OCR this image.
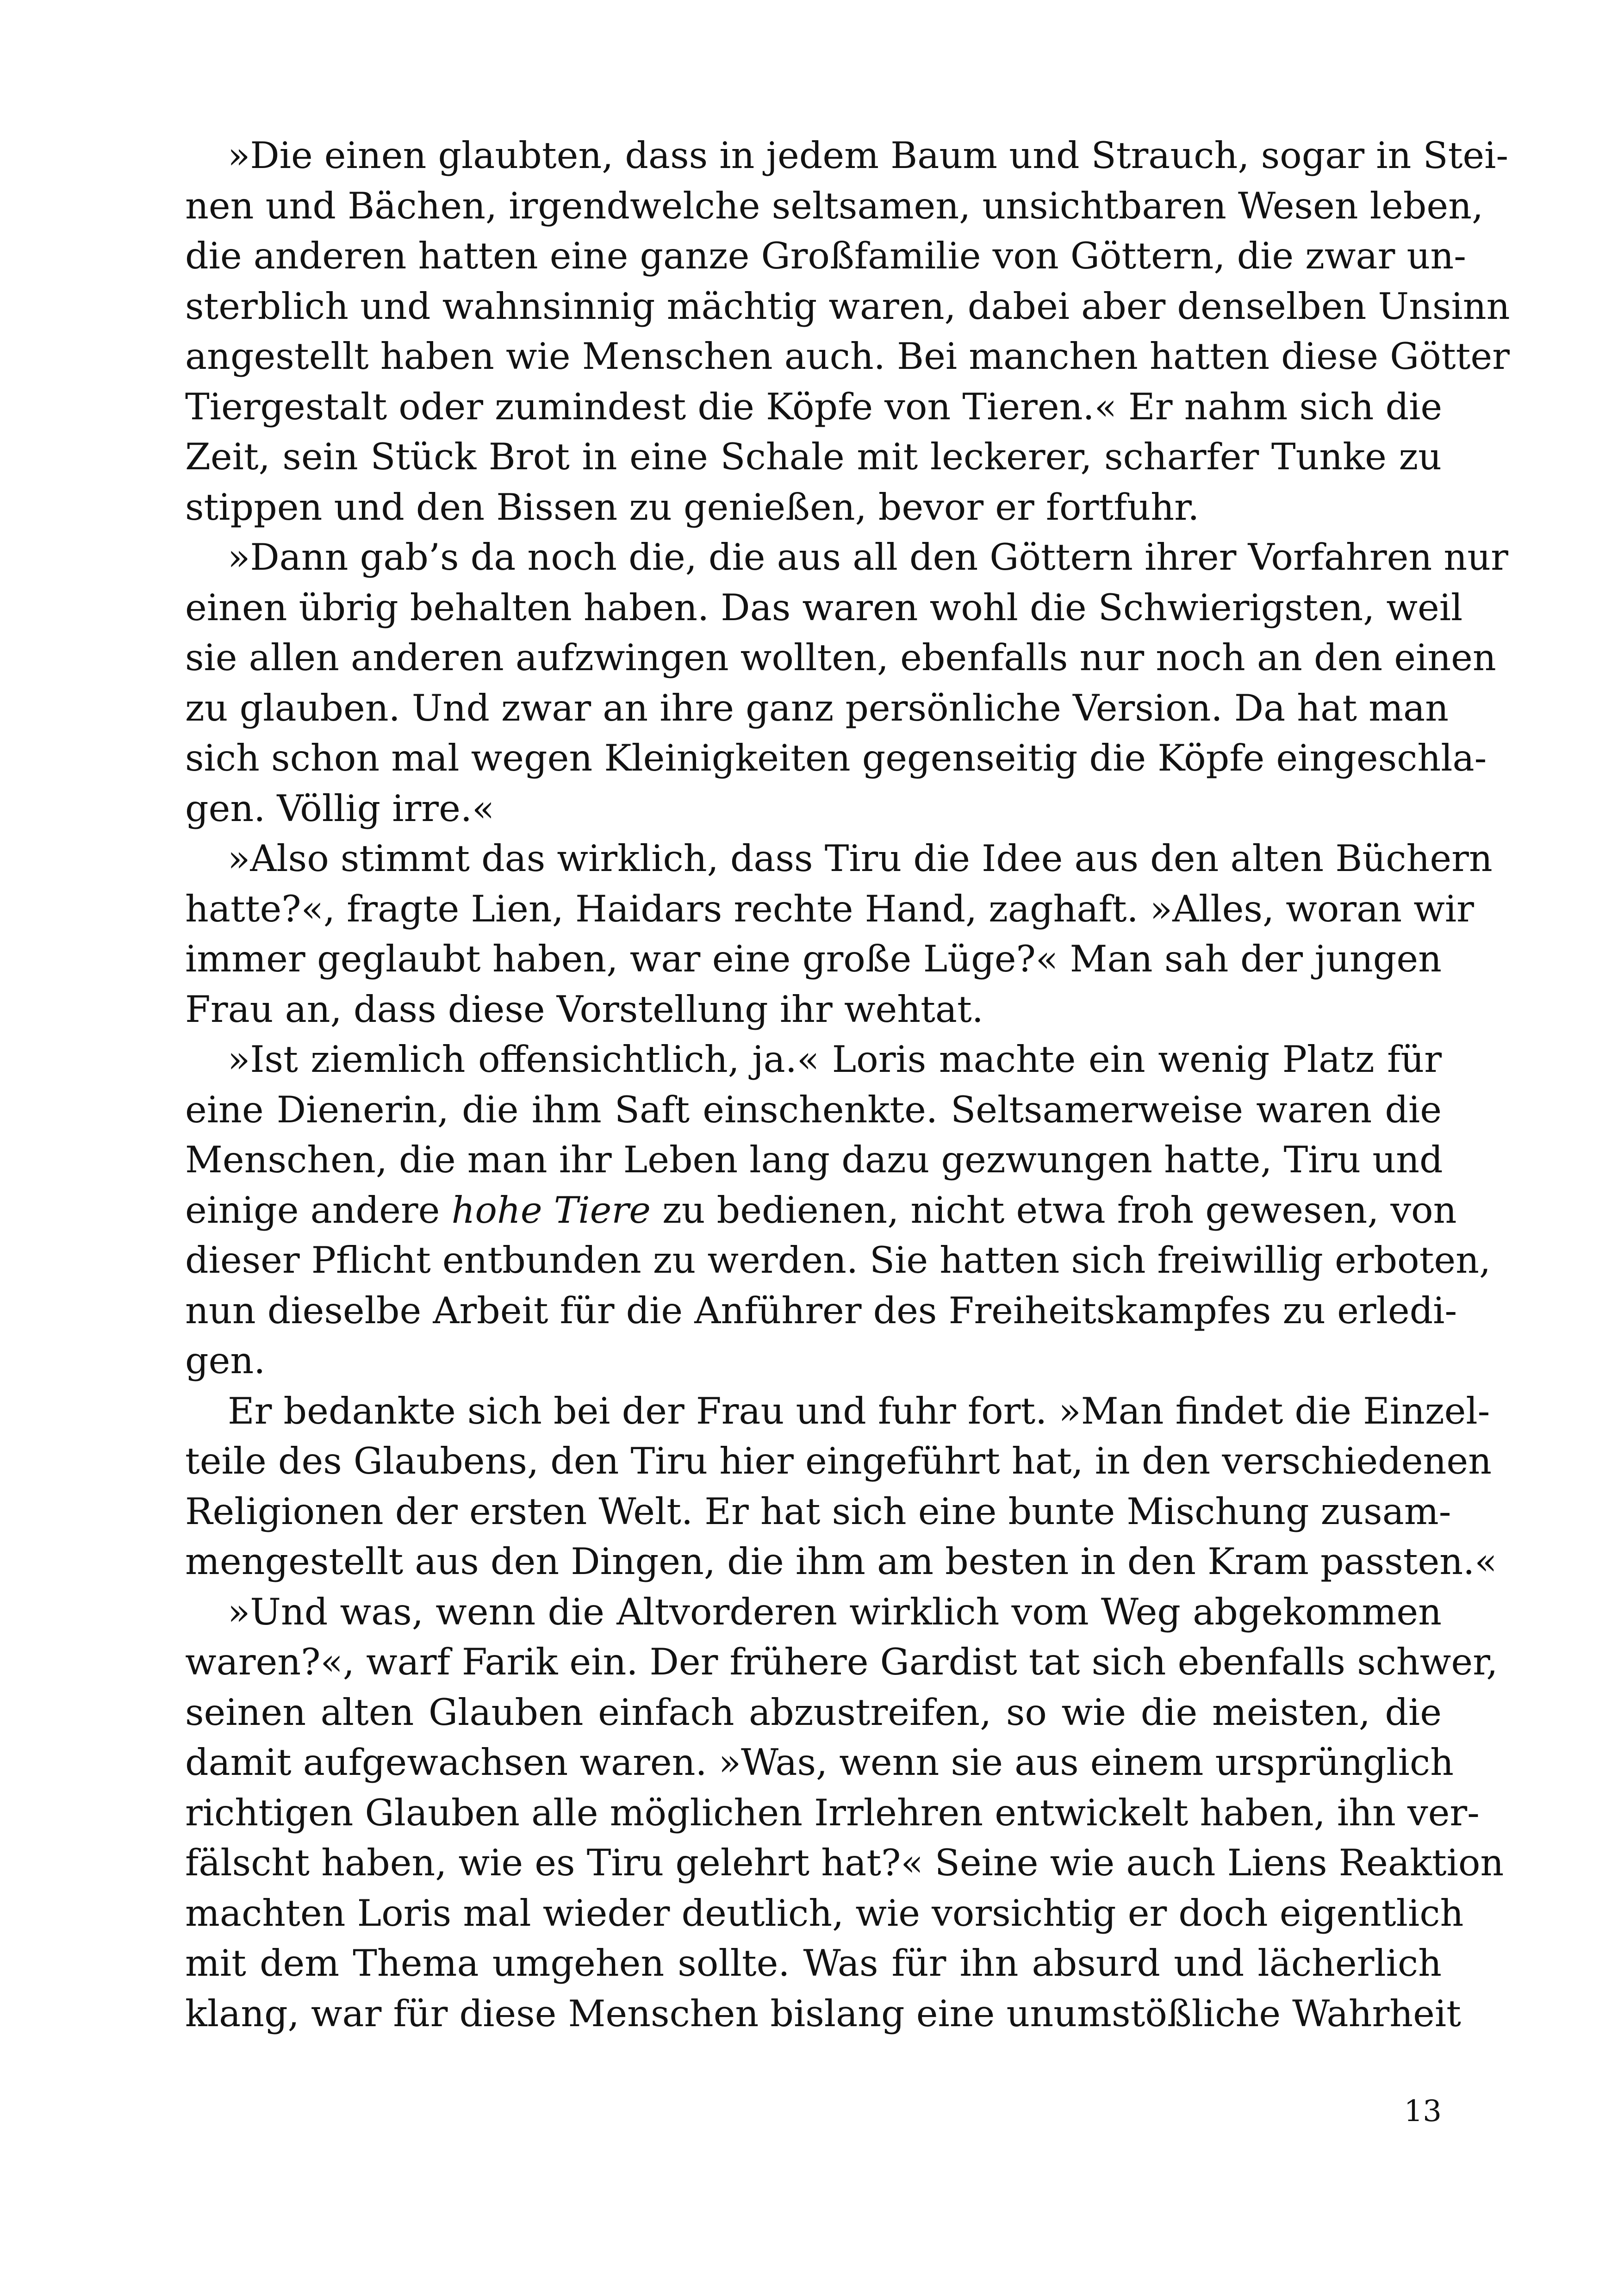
»Die einen glaubten, dass in jedem Baum und Strauch, sogar in Stei-
nen und Bächen, irgendwelche seltsamen, unsichtbaren Wesen leben,
die anderen hatten eine ganze Großfamilie von Göttern, die zwar un-
sterblich und wahnsinnig mächtig waren, dabei aber denselben Unsinn
angestellt haben wie Menschen auch. Bei manchen hatten diese Götter
Tiergestalt oder zumindest die Köpfe von Tieren.« Er nahm sich die
Zeit, sein Stück Brot in eine Schale mit leckerer, scharfer Tunke zu
stippen und den Bissen zu genießen, bevor er fortfuhr.
»Dann gab’s da noch die, die aus all den Göttern ihrer Vorfahren nur
einen übrig behalten haben. Das waren wohl die Schwierigsten, weil
sie allen anderen aufzwingen wollten, ebenfalls nur noch an den einen
zu glauben. Und zwar an ihre ganz persönliche Version. Da hat man
sich schon mal wegen Kleinigkeiten gegenseitig die Köpfe eingeschla-
gen. Völlig irre.«
»Also stimmt das wirklich, dass Tiru die Idee aus den alten Büchern
hatte?«, fragte Lien, Haidars rechte Hand, zaghaft. »Alles, woran wir
immer geglaubt haben, war eine große Lüge?« Man sah der jungen
Frau an, dass diese Vorstellung ihr wehtat.
»Ist ziemlich offensichtlich, ja.« Loris machte ein wenig Platz für
eine Dienerin, die ihm Saft einschenkte. Seltsamerweise waren die
Menschen, die man ihr Leben lang dazu gezwungen hatte, Tiru und
einige andere hohe Tiere zu bedienen, nicht etwa froh gewesen, von
dieser Pflicht entbunden zu werden. Sie hatten sich freiwillig erboten,
nun dieselbe Arbeit für die Anführer des Freiheitskampfes zu erledi-
gen.
Er bedankte sich bei der Frau und fuhr fort. »Man findet die Einzel-
teile des Glaubens, den Tiru hier eingeführt hat, in den verschiedenen
Religionen der ersten Welt. Er hat sich eine bunte Mischung zusam-
mengestellt aus den Dingen, die ihm am besten in den Kram passten.«
»Und was, wenn die Altvorderen wirklich vom Weg abgekommen
waren?«, warf Farik ein. Der frühere Gardist tat sich ebenfalls schwer,
seinen alten Glauben einfach abzustreifen, so wie die meisten, die
damit aufgewachsen waren. »Was, wenn sie aus einem ursprünglich
richtigen Glauben alle möglichen Irrlehren entwickelt haben, ihn ver-
fälscht haben, wie es Tiru gelehrt hat?« Seine wie auch Liens Reaktion
machten Loris mal wieder deutlich, wie vorsichtig er doch eigentlich
mit dem Thema umgehen sollte. Was für ihn absurd und lächerlich
klang, war für diese Menschen bislang eine unumstößliche Wahrheit
13
